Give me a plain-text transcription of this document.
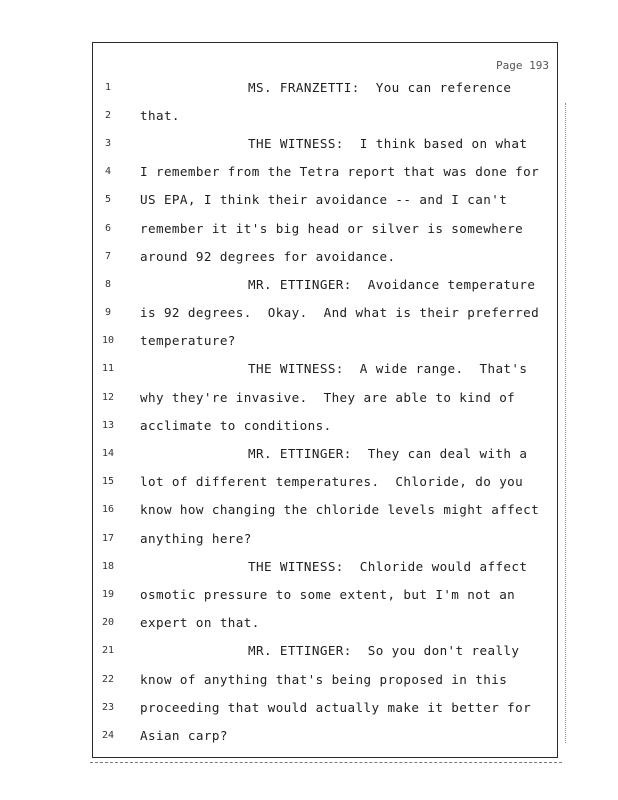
Page 193
1	MS. FRANZETTI:  You can reference
2	that.
3	THE WITNESS:  I think based on what
4	I remember from the Tetra report that was done for
5	US EPA, I think their avoidance -- and I can't
6	remember it it's big head or silver is somewhere
7	around 92 degrees for avoidance.
8	MR. ETTINGER:  Avoidance temperature
9	is 92 degrees.  Okay.  And what is their preferred
10	temperature?
11	THE WITNESS:  A wide range.  That's
12	why they're invasive.  They are able to kind of
13	acclimate to conditions.
14	MR. ETTINGER:  They can deal with a
15	lot of different temperatures.  Chloride, do you
16	know how changing the chloride levels might affect
17	anything here?
18	THE WITNESS:  Chloride would affect
19	osmotic pressure to some extent, but I'm not an
20	expert on that.
21	MR. ETTINGER:  So you don't really
22	know of anything that's being proposed in this
23	proceeding that would actually make it better for
24	Asian carp?
